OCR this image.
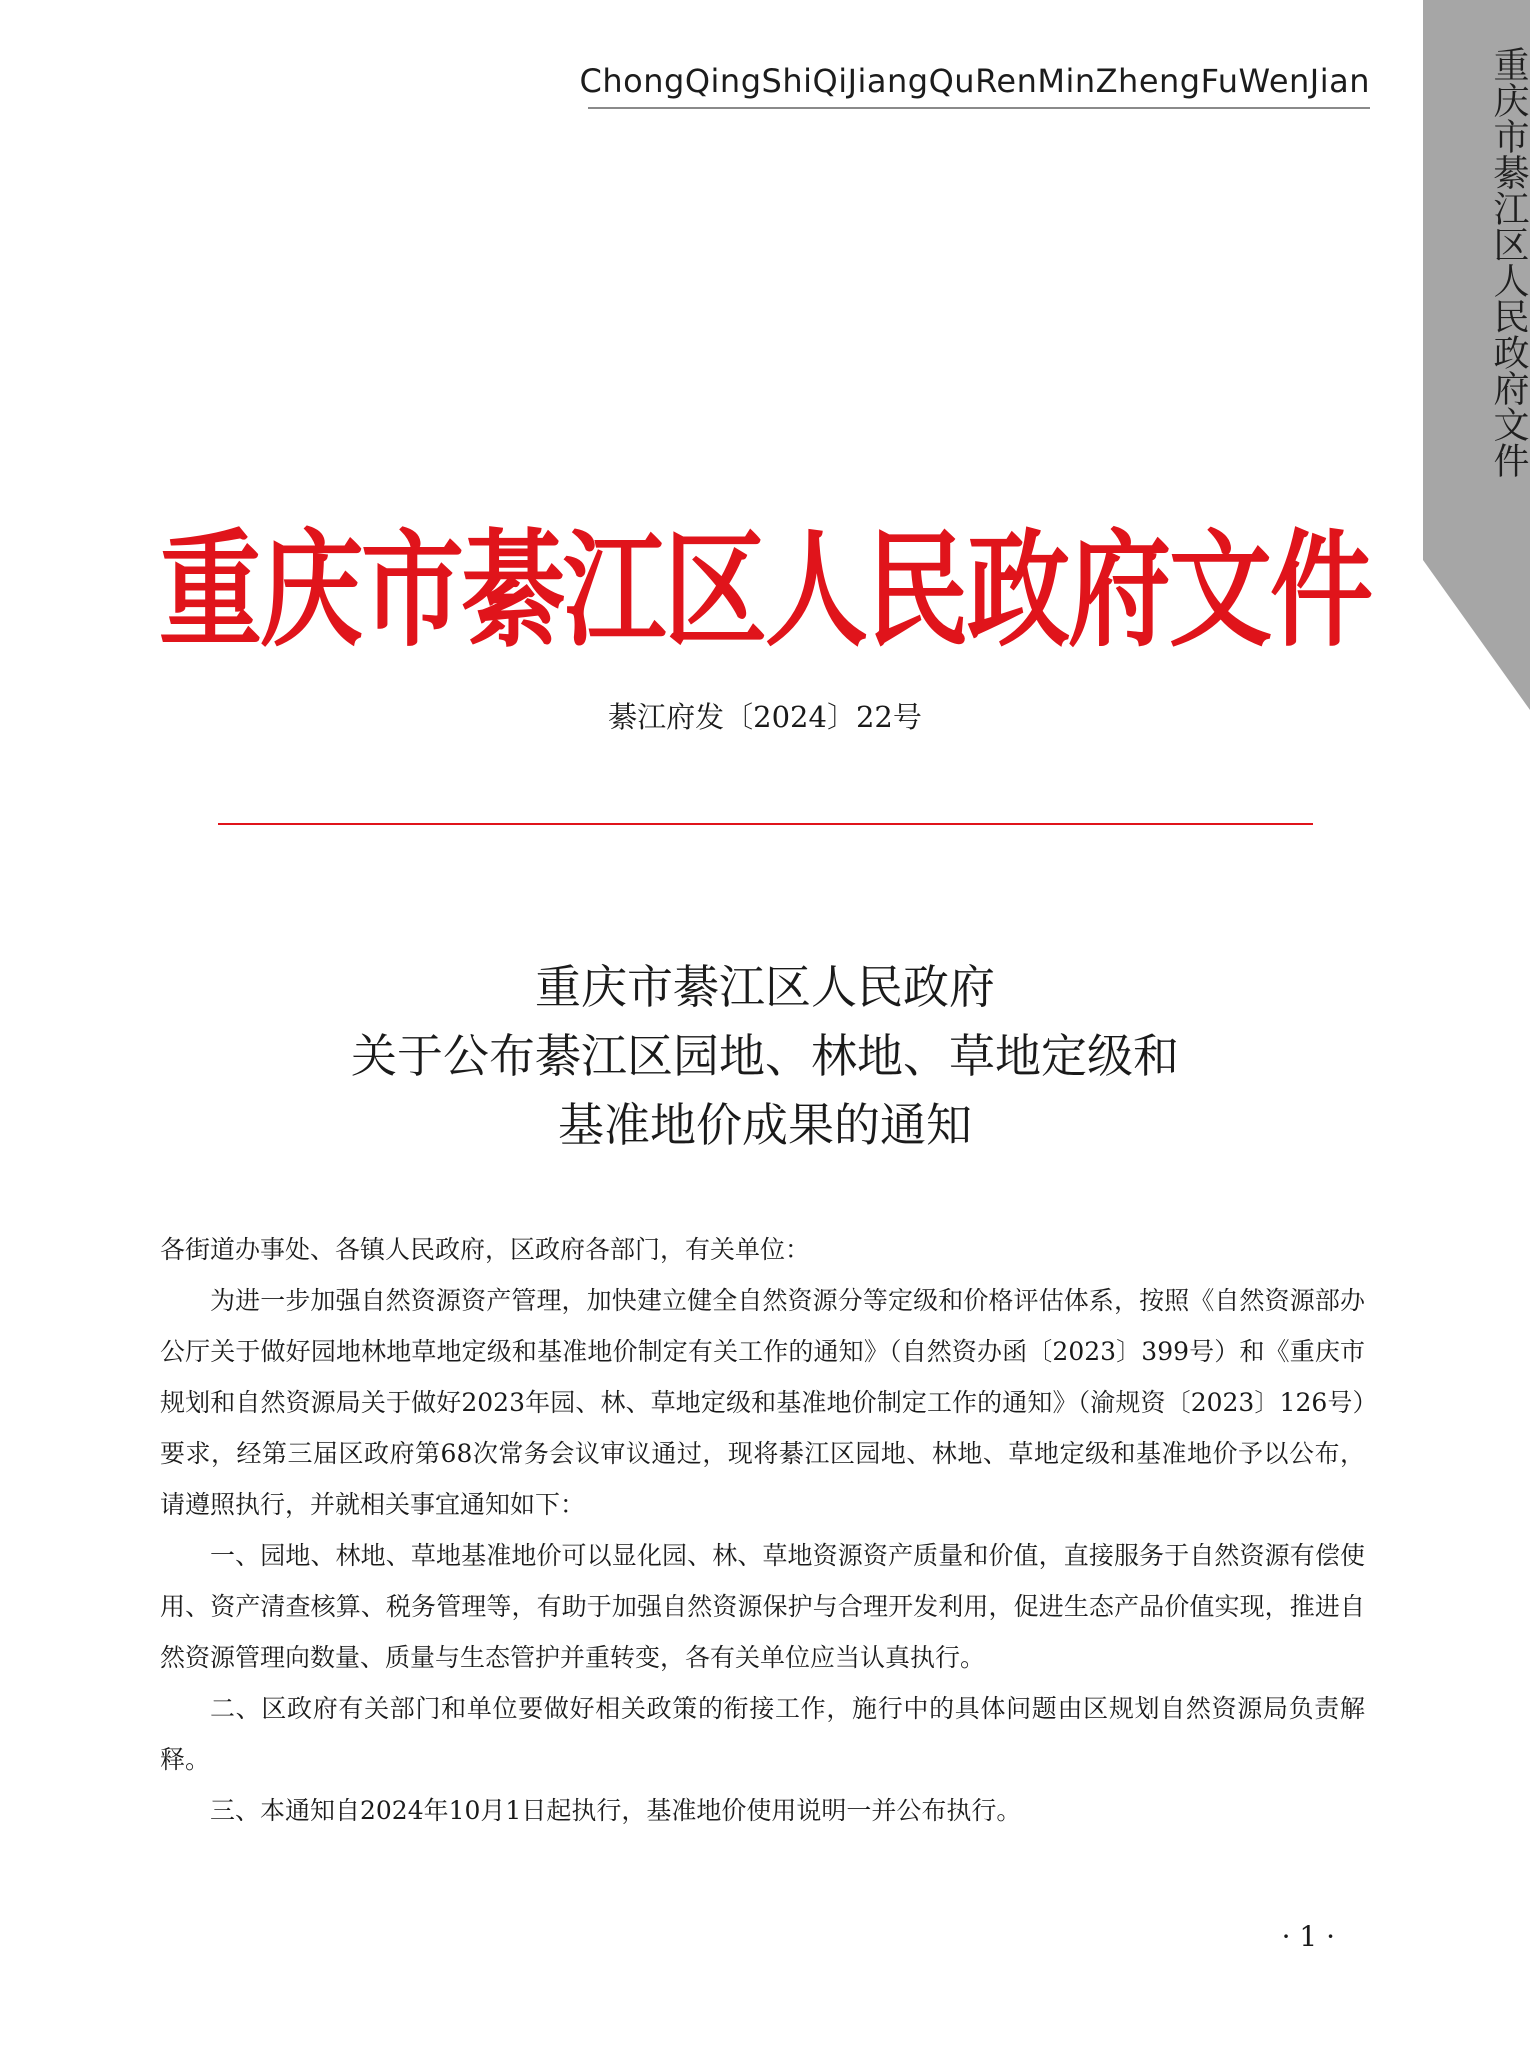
ChongQingShiQiJiangQuRenMinZhengFuWenJian	重庆市綦江区人民政府文件
重庆市綦江区人民政府文件
綦江府发〔2024〕22号
重庆市綦江区人民政府
关于公布綦江区园地、林地、草地定级和
基准地价成果的通知

各街道办事处、各镇人民政府，区政府各部门，有关单位：

为进一步加强自然资源资产管理，加快建立健全自然资源分等定级和价格评估体系，按照《自然资源部办公厅关于做好园地林地草地定级和基准地价制定有关工作的通知》（自然资办函〔2023〕399号）和《重庆市规划和自然资源局关于做好2023年园、林、草地定级和基准地价制定工作的通知》（渝规资〔2023〕126号）要求，经第三届区政府第68次常务会议审议通过，现将綦江区园地、林地、草地定级和基准地价予以公布，请遵照执行，并就相关事宜通知如下：

一、园地、林地、草地基准地价可以显化园、林、草地资源资产质量和价值，直接服务于自然资源有偿使用、资产清查核算、税务管理等，有助于加强自然资源保护与合理开发利用，促进生态产品价值实现，推进自然资源管理向数量、质量与生态管护并重转变，各有关单位应当认真执行。

二、区政府有关部门和单位要做好相关政策的衔接工作，施行中的具体问题由区规划自然资源局负责解释。

三、本通知自2024年10月1日起执行，基准地价使用说明一并公布执行。

· 1 ·
